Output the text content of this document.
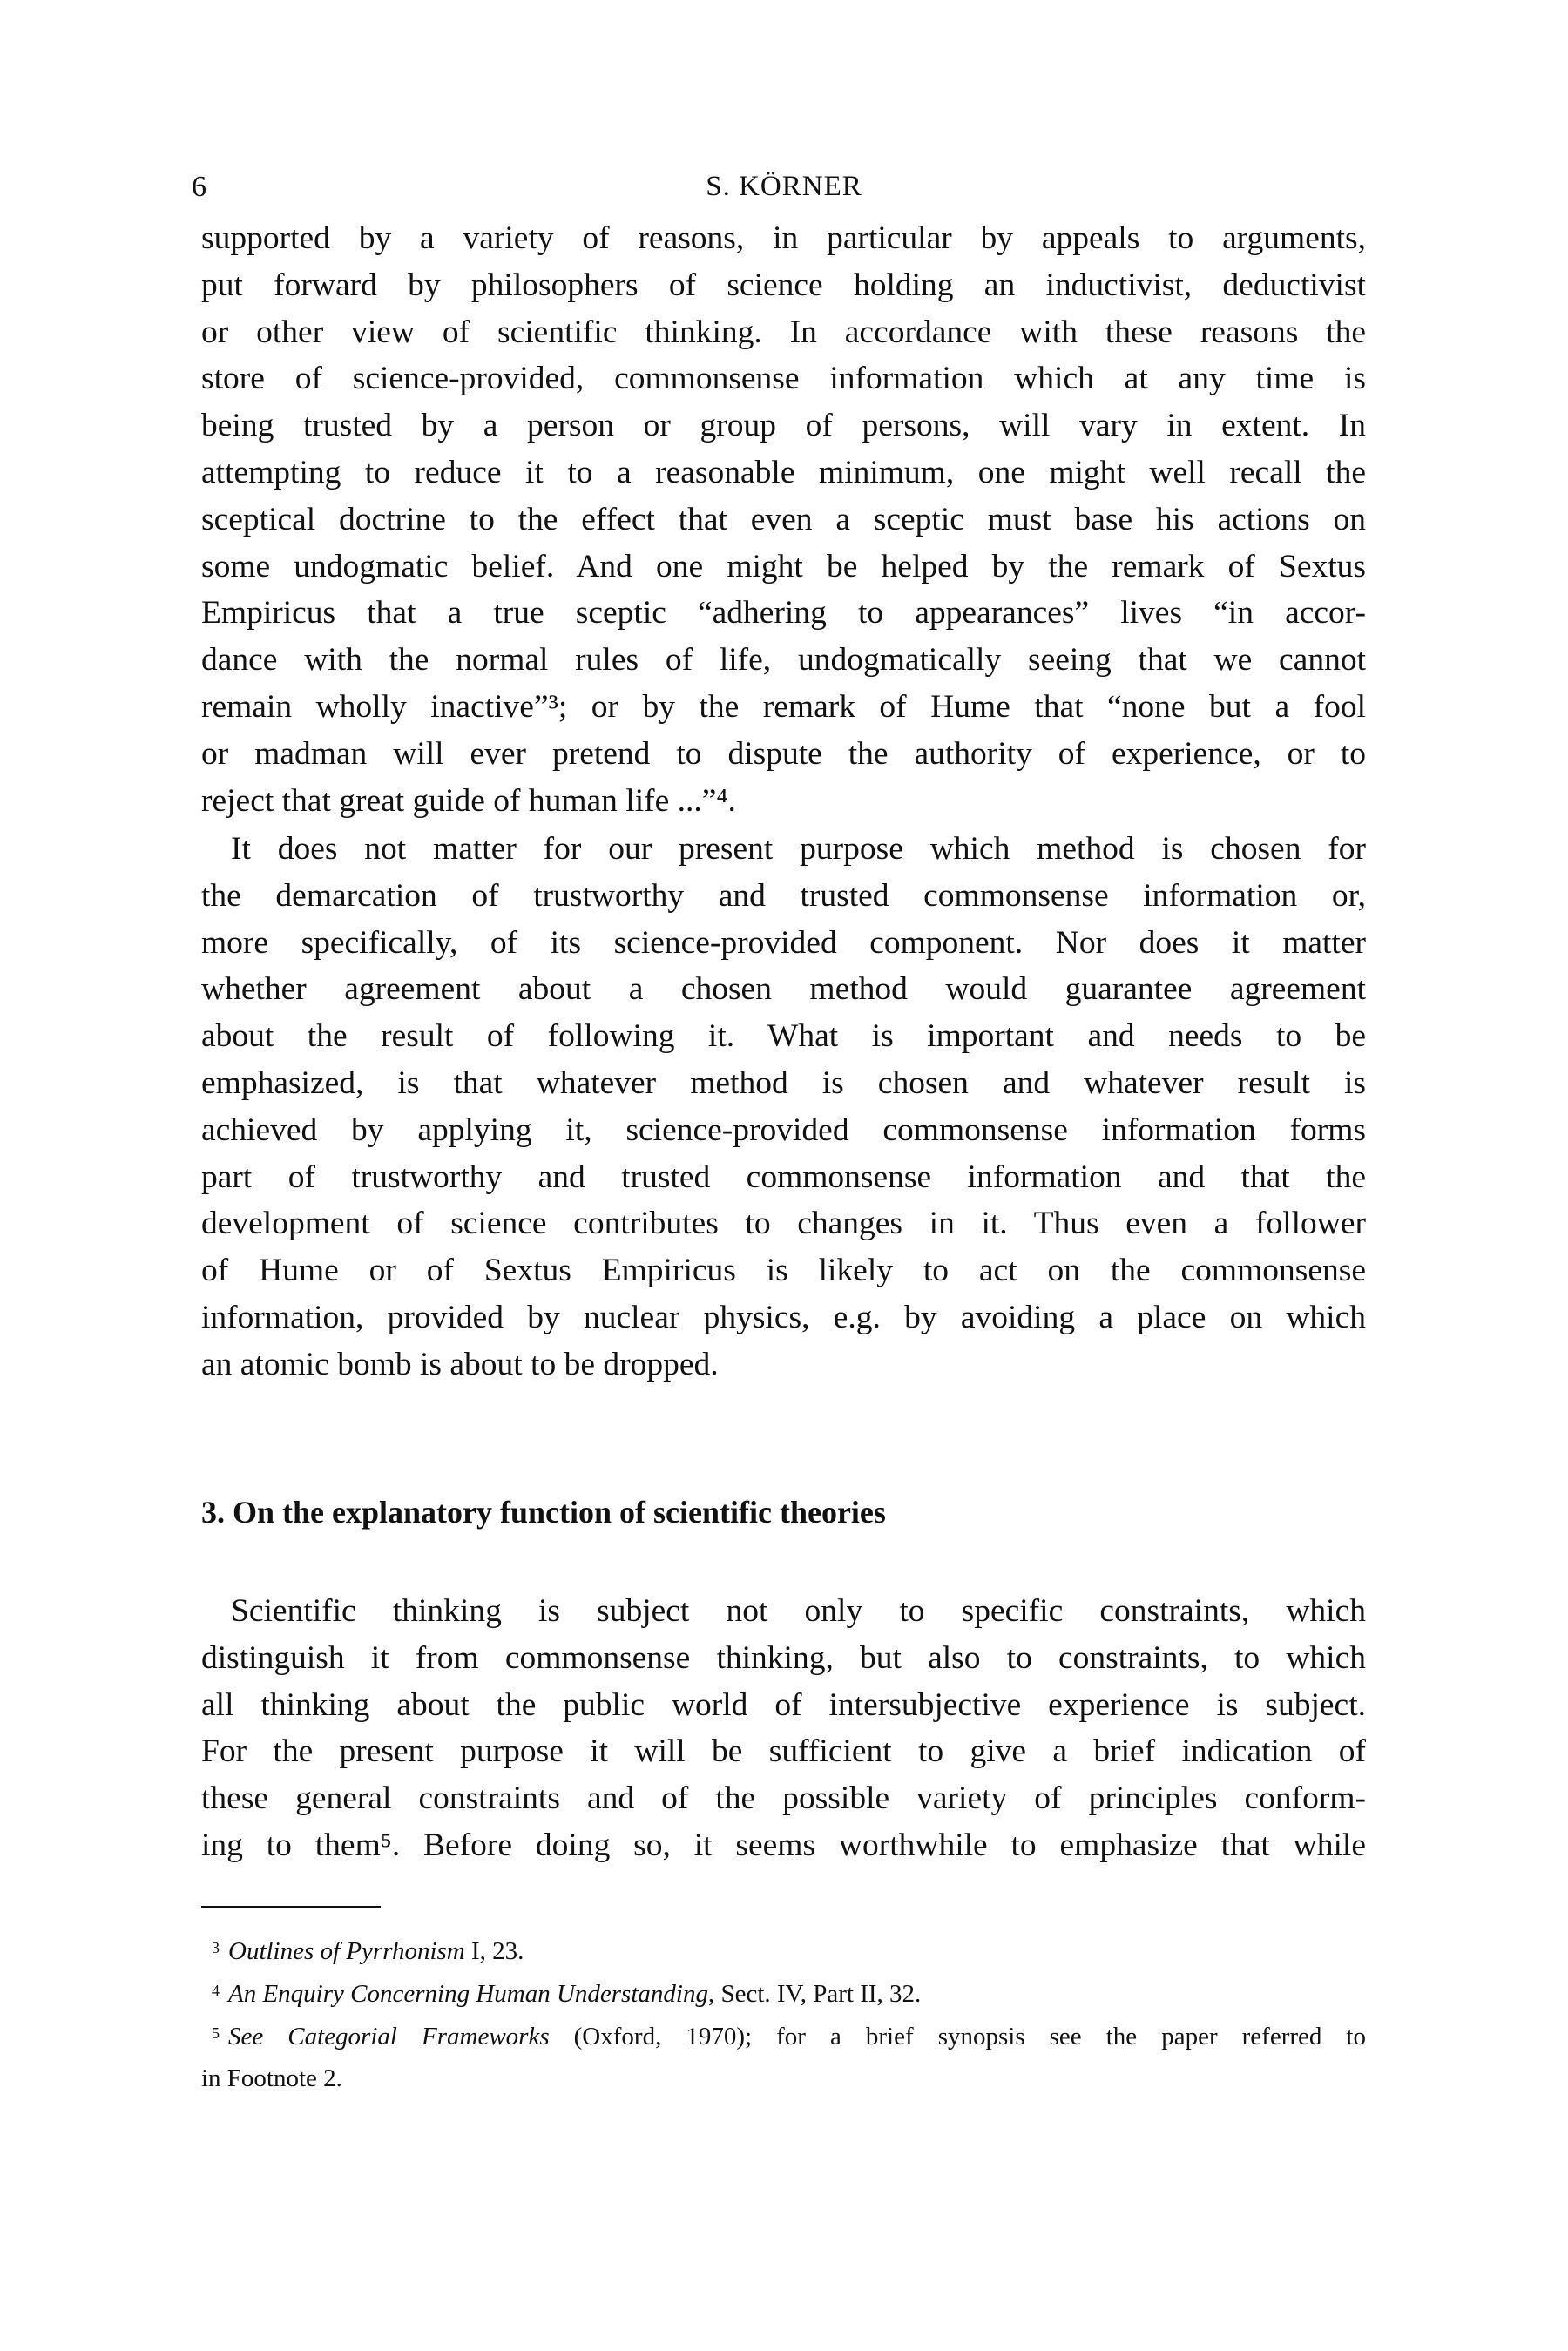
6	S. KÖRNER
supported by a variety of reasons, in particular by appeals to arguments,
put forward by philosophers of science holding an inductivist, deductivist
or other view of scientific thinking. In accordance with these reasons the
store of science-provided, commonsense information which at any time is
being trusted by a person or group of persons, will vary in extent. In
attempting to reduce it to a reasonable minimum, one might well recall the
sceptical doctrine to the effect that even a sceptic must base his actions on
some undogmatic belief. And one might be helped by the remark of Sextus
Empiricus that a true sceptic “adhering to appearances” lives “in accor-
dance with the normal rules of life, undogmatically seeing that we cannot
remain wholly inactive”³; or by the remark of Hume that “none but a fool
or madman will ever pretend to dispute the authority of experience, or to
reject that great guide of human life ...”⁴.
It does not matter for our present purpose which method is chosen for
the demarcation of trustworthy and trusted commonsense information or,
more specifically, of its science-provided component. Nor does it matter
whether agreement about a chosen method would guarantee agreement
about the result of following it. What is important and needs to be
emphasized, is that whatever method is chosen and whatever result is
achieved by applying it, science-provided commonsense information forms
part of trustworthy and trusted commonsense information and that the
development of science contributes to changes in it. Thus even a follower
of Hume or of Sextus Empiricus is likely to act on the commonsense
information, provided by nuclear physics, e.g. by avoiding a place on which
an atomic bomb is about to be dropped.
3. On the explanatory function of scientific theories
Scientific thinking is subject not only to specific constraints, which
distinguish it from commonsense thinking, but also to constraints, to which
all thinking about the public world of intersubjective experience is subject.
For the present purpose it will be sufficient to give a brief indication of
these general constraints and of the possible variety of principles conform-
ing to them⁵. Before doing so, it seems worthwhile to emphasize that while
$^3$ Outlines of Pyrrhonism I, 23.
$^4$ An Enquiry Concerning Human Understanding, Sect. IV, Part II, 32.
$^5$ See Categorial Frameworks (Oxford, 1970); for a brief synopsis see the paper referred to
in Footnote 2.
